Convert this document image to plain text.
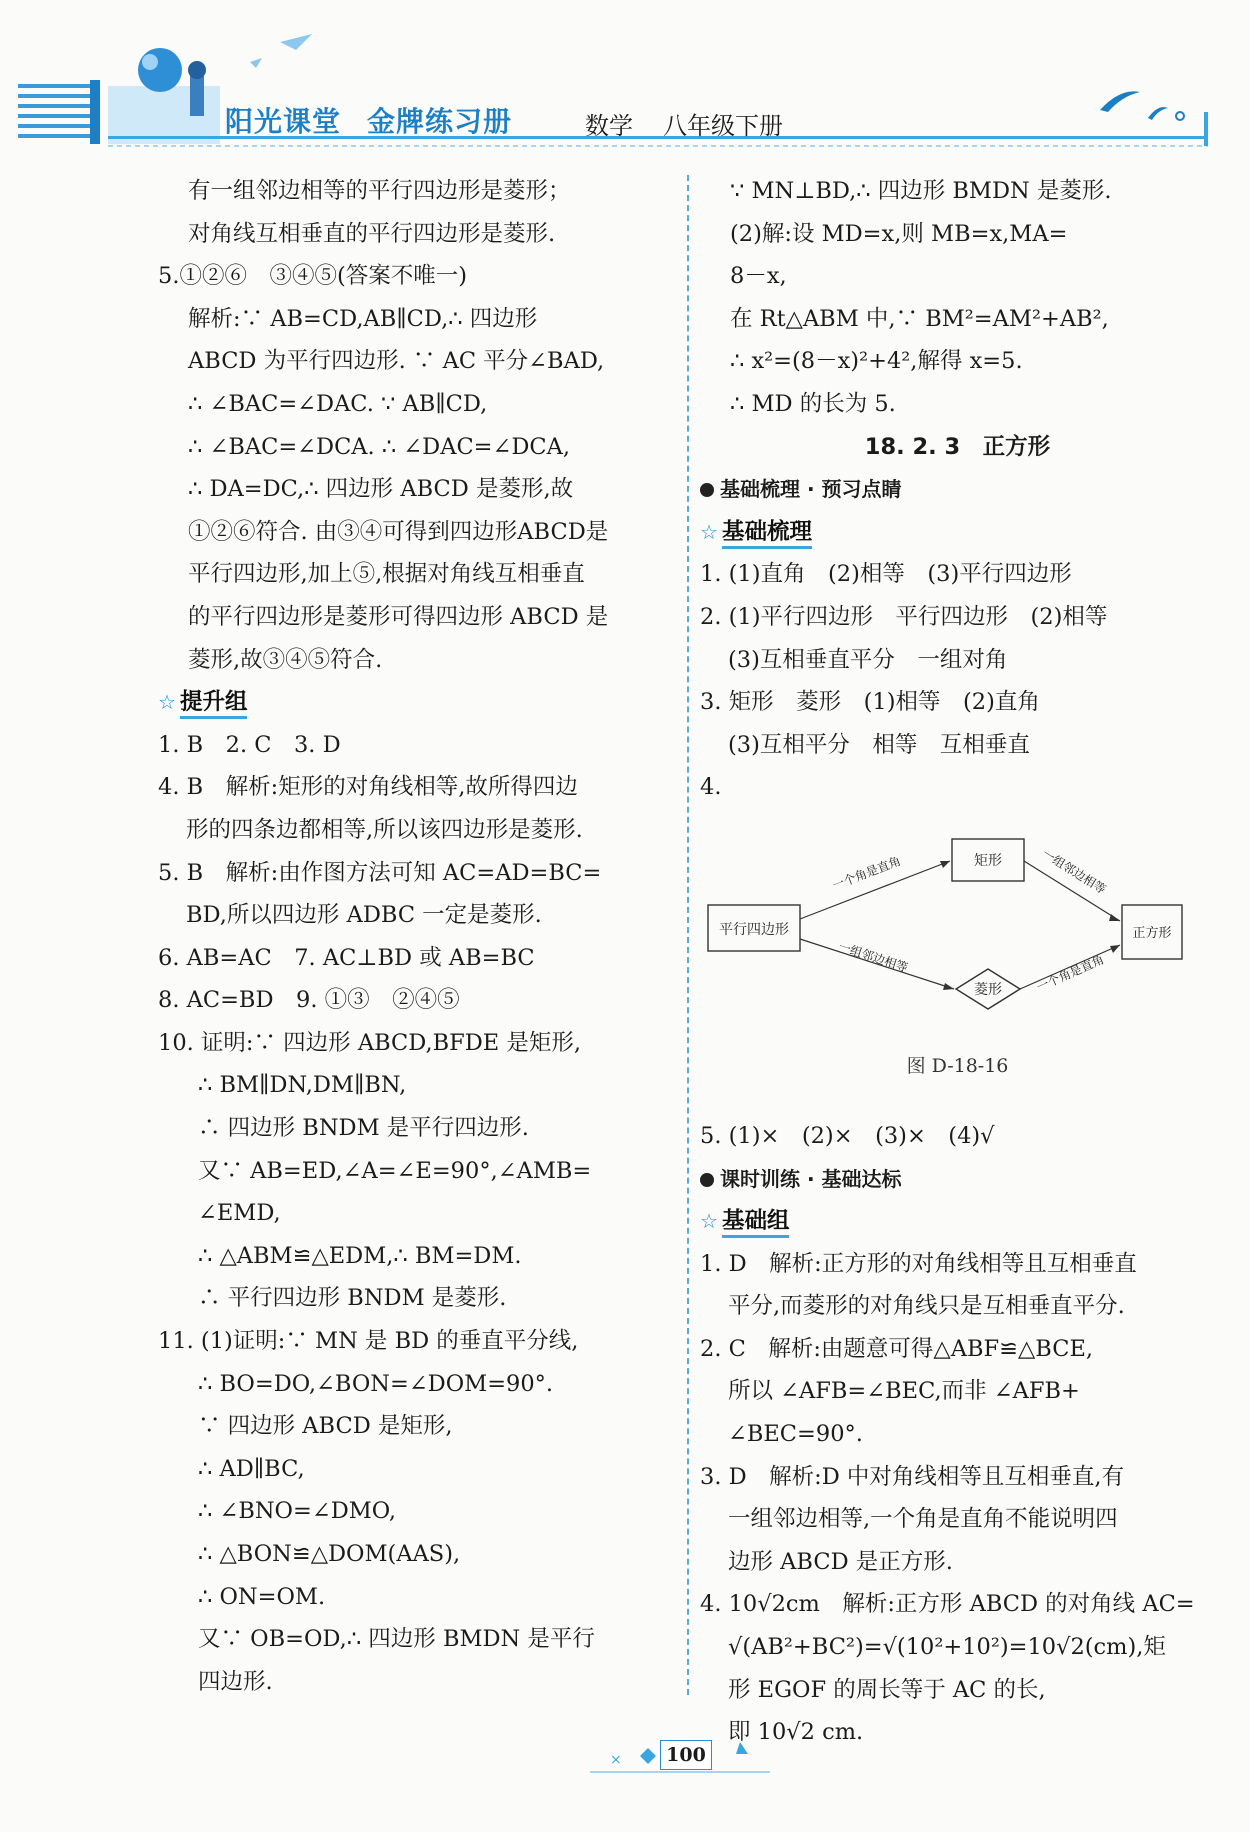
阳光课堂 金牌练习册	数学 八年级下册
有一组邻边相等的平行四边形是菱形；
对角线互相垂直的平行四边形是菱形.
5.①②⑥　③④⑤(答案不唯一)
解析:∵ AB=CD,AB∥CD,∴ 四边形
ABCD 为平行四边形. ∵ AC 平分∠BAD,
∴ ∠BAC=∠DAC. ∵ AB∥CD,
∴ ∠BAC=∠DCA. ∴ ∠DAC=∠DCA,
∴ DA=DC,∴ 四边形 ABCD 是菱形,故
①②⑥符合. 由③④可得到四边形ABCD是
平行四边形,加上⑤,根据对角线互相垂直
的平行四边形是菱形可得四边形 ABCD 是
菱形,故③④⑤符合.
☆ 提升组
1. B　2. C　3. D
4. B　解析:矩形的对角线相等,故所得四边
形的四条边都相等,所以该四边形是菱形.
5. B　解析:由作图方法可知 AC=AD=BC=
BD,所以四边形 ADBC 一定是菱形.
6. AB=AC　7. AC⊥BD 或 AB=BC
8. AC=BD　9. ①③　②④⑤
10. 证明:∵ 四边形 ABCD,BFDE 是矩形,
∴ BM∥DN,DM∥BN,
∴ 四边形 BNDM 是平行四边形.
又∵ AB=ED,∠A=∠E=90°,∠AMB=
∠EMD,
∴ △ABM≌△EDM,∴ BM=DM.
∴ 平行四边形 BNDM 是菱形.
11. (1)证明:∵ MN 是 BD 的垂直平分线,
∴ BO=DO,∠BON=∠DOM=90°.
∵ 四边形 ABCD 是矩形,
∴ AD∥BC,
∴ ∠BNO=∠DMO,
∴ △BON≌△DOM(AAS),
∴ ON=OM.
又∵ OB=OD,∴ 四边形 BMDN 是平行
四边形.
∵ MN⊥BD,∴ 四边形 BMDN 是菱形.
(2)解:设 MD=x,则 MB=x,MA=
8－x,
在 Rt△ABM 中,∵ BM²=AM²+AB²,
∴ x²=(8－x)²+4²,解得 x=5.
∴ MD 的长为 5.
18. 2. 3　正方形
基础梳理 · 预习点睛
☆ 基础梳理
1. (1)直角　(2)相等　(3)平行四边形
2. (1)平行四边形　平行四边形　(2)相等
(3)互相垂直平分　一组对角
3. 矩形　菱形　(1)相等　(2)直角
(3)互相平分　相等　互相垂直
4.
平行四边形
矩形
菱形
正方形
一个角是直角	一组邻边相等
一组邻边相等	一个角是直角
图 D-18-16
5. (1)×　(2)×　(3)×　(4)√
课时训练 · 基础达标
☆ 基础组
1. D　解析:正方形的对角线相等且互相垂直
平分,而菱形的对角线只是互相垂直平分.
2. C　解析:由题意可得△ABF≌△BCE,
所以 ∠AFB=∠BEC,而非 ∠AFB+
∠BEC=90°.
3. D　解析:D 中对角线相等且互相垂直,有
一组邻边相等,一个角是直角不能说明四
边形 ABCD 是正方形.
4. 10√2cm　解析:正方形 ABCD 的对角线 AC=
√(AB²+BC²)=√(10²+10²)=10√2(cm),矩
形 EGOF 的周长等于 AC 的长,
即 10√2 cm.
×	100
